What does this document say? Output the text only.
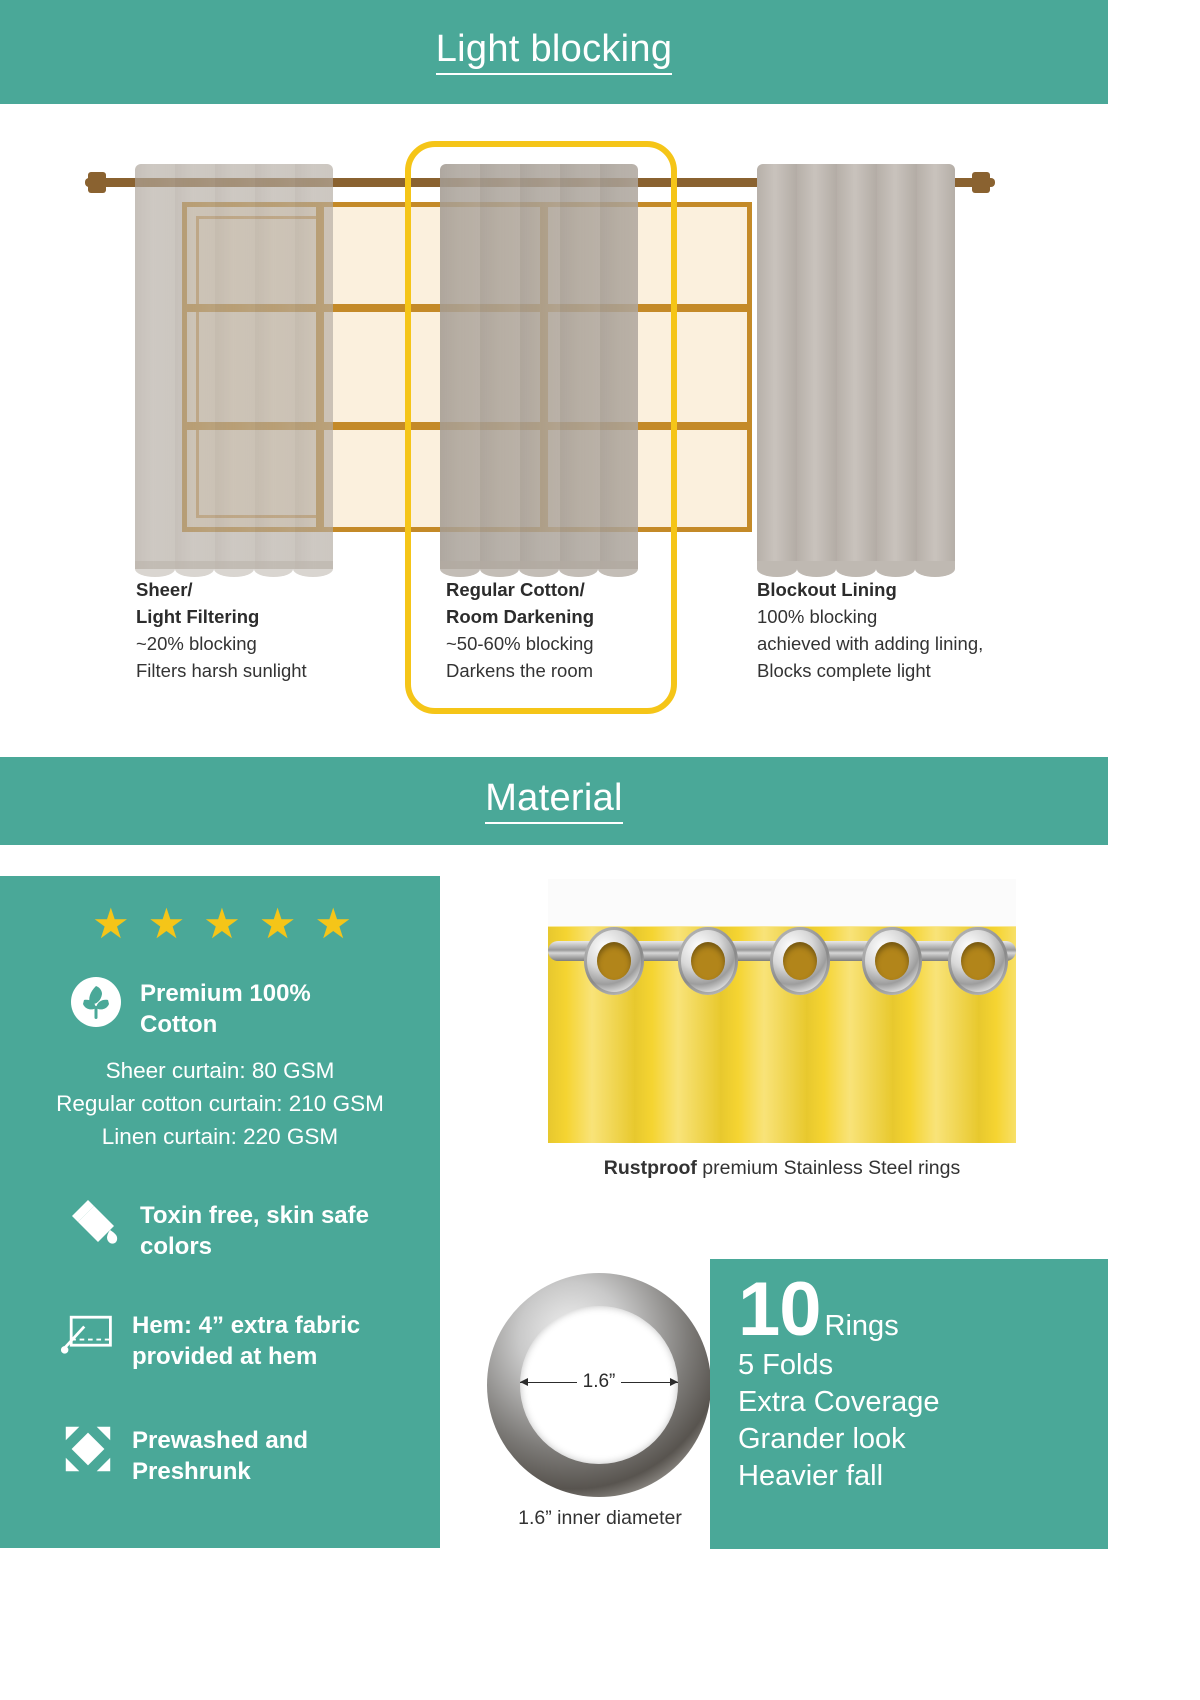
Light blocking
Sheer/
Light Filtering
~20% blocking
Filters harsh sunlight
Regular Cotton/
Room Darkening
~50-60% blocking
Darkens the room
Blockout Lining
100% blocking
achieved with adding lining,
Blocks complete light
Material
★ ★ ★ ★ ★
Premium 100%
Cotton
Sheer curtain: 80 GSM
Regular cotton curtain: 210 GSM
Linen curtain: 220 GSM
Toxin free, skin safe
colors
Hem: 4” extra fabric
provided at hem
Prewashed and
Preshrunk
Rustproof premium Stainless Steel rings
1.6”
1.6” inner diameter
10 Rings
5 Folds
Extra Coverage
Grander look
Heavier fall
